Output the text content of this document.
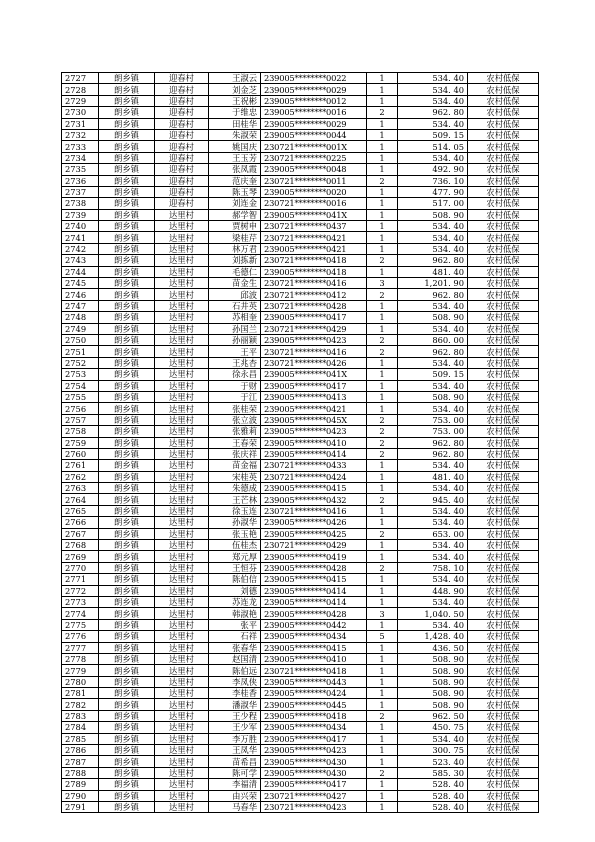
2727	朗乡镇	迎春村	王淑云	239005********0022	1	534. 40	农村低保
2728	朗乡镇	迎春村	刘金芝	239005********0029	1	534. 40	农村低保
2729	朗乡镇	迎春村	王祝彬	239005********0012	1	534. 40	农村低保
2730	朗乡镇	迎春村	于维忠	239005********0016	2	962. 80	农村低保
2731	朗乡镇	迎春村	田桂华	239005********0029	1	534. 40	农村低保
2732	朗乡镇	迎春村	朱淑荣	239005********0044	1	509. 15	农村低保
2733	朗乡镇	迎春村	姚国庆	230721********001X	1	514. 05	农村低保
2734	朗乡镇	迎春村	王玉芳	230721********0225	1	534. 40	农村低保
2735	朗乡镇	迎春村	张凤霞	239005********0048	1	492. 90	农村低保
2736	朗乡镇	迎春村	范庆奎	230721********0011	2	736. 10	农村低保
2737	朗乡镇	迎春村	陈玉琴	239005********0020	1	477. 90	农村低保
2738	朗乡镇	迎春村	刘连金	230721********0016	1	517. 00	农村低保
2739	朗乡镇	达里村	郝学智	239005********041X	1	508. 90	农村低保
2740	朗乡镇	达里村	贾树申	230721********0437	1	534. 40	农村低保
2741	朗乡镇	达里村	梁桂芹	230721********0421	1	534. 40	农村低保
2742	朗乡镇	达里村	林万君	239005********0421	1	534. 40	农村低保
2743	朗乡镇	达里村	刘拣新	230721********0418	2	962. 80	农村低保
2744	朗乡镇	达里村	毛德仁	239005********0418	1	481. 40	农村低保
2745	朗乡镇	达里村	苗金生	230721********0416	3	1,201. 90	农村低保
2746	朗乡镇	达里村	邱波	230721********0412	2	962. 80	农村低保
2747	朗乡镇	达里村	石井英	230721********0428	1	534. 40	农村低保
2748	朗乡镇	达里村	苏相奎	239005********0417	1	508. 90	农村低保
2749	朗乡镇	达里村	孙国兰	230721********0429	1	534. 40	农村低保
2750	朗乡镇	达里村	孙丽颖	239005********0423	2	860. 00	农村低保
2751	朗乡镇	达里村	王平	230721********0416	2	962. 80	农村低保
2752	朗乡镇	达里村	王兆杏	230721********0426	1	534. 40	农村低保
2753	朗乡镇	达里村	徐永昌	239005********041X	1	509. 15	农村低保
2754	朗乡镇	达里村	于财	239005********0417	1	534. 40	农村低保
2755	朗乡镇	达里村	于江	239005********0413	1	508. 90	农村低保
2756	朗乡镇	达里村	张桂荣	239005********0421	1	534. 40	农村低保
2757	朗乡镇	达里村	张立波	239005********045X	2	753. 00	农村低保
2758	朗乡镇	达里村	张雅莉	239005********0423	2	753. 00	农村低保
2759	朗乡镇	达里村	王春荣	239005********0410	2	962. 80	农村低保
2760	朗乡镇	达里村	张庆祥	239005********0414	2	962. 80	农村低保
2761	朗乡镇	达里村	苗金福	230721********0433	1	534. 40	农村低保
2762	朗乡镇	达里村	宋桂英	230721********0424	1	481. 40	农村低保
2763	朗乡镇	达里村	朱德成	239005********0415	1	534. 40	农村低保
2764	朗乡镇	达里村	王芒林	239005********0432	2	945. 40	农村低保
2765	朗乡镇	达里村	徐玉连	230721********0416	1	534. 40	农村低保
2766	朗乡镇	达里村	孙淑华	239005********0426	1	534. 40	农村低保
2767	朗乡镇	达里村	张玉艳	239005********0425	2	653. 00	农村低保
2768	朗乡镇	达里村	伍桂杰	230721********0429	1	534. 40	农村低保
2769	朗乡镇	达里村	郑元厚	239005********0419	1	534. 40	农村低保
2770	朗乡镇	达里村	王恒芬	239005********0428	2	758. 10	农村低保
2771	朗乡镇	达里村	陈伯信	239005********0415	1	534. 40	农村低保
2772	朗乡镇	达里村	刘德	239005********0414	1	448. 90	农村低保
2773	朗乡镇	达里村	苏连龙	239005********0414	1	534. 40	农村低保
2774	朗乡镇	达里村	韩淑艳	239005********0428	3	1,040. 50	农村低保
2775	朗乡镇	达里村	张平	239005********0442	1	534. 40	农村低保
2776	朗乡镇	达里村	石祥	239005********0434	5	1,428. 40	农村低保
2777	朗乡镇	达里村	张春华	239005********0415	1	436. 50	农村低保
2778	朗乡镇	达里村	赵国清	239005********0410	1	508. 90	农村低保
2779	朗乡镇	达里村	陈伯远	230721********0418	1	508. 90	农村低保
2780	朗乡镇	达里村	李凤侠	239005********0443	1	508. 90	农村低保
2781	朗乡镇	达里村	李桂香	239005********0424	1	508. 90	农村低保
2782	朗乡镇	达里村	潘淑华	239005********0445	1	508. 90	农村低保
2783	朗乡镇	达里村	王少程	239005********0418	2	962. 50	农村低保
2784	朗乡镇	达里村	王少军	239005********0434	1	450. 75	农村低保
2785	朗乡镇	达里村	李万胜	239005********0417	1	534. 40	农村低保
2786	朗乡镇	达里村	王凤华	239005********0423	1	300. 75	农村低保
2787	朗乡镇	达里村	苗希昌	239005********0430	1	523. 40	农村低保
2788	朗乡镇	达里村	陈可学	239005********0430	2	585. 30	农村低保
2789	朗乡镇	达里村	李福清	239005********0417	1	528. 40	农村低保
2790	朗乡镇	达里村	由兴荣	230721********0427	1	528. 40	农村低保
2791	朗乡镇	达里村	马春华	230721********0423	1	528. 40	农村低保
